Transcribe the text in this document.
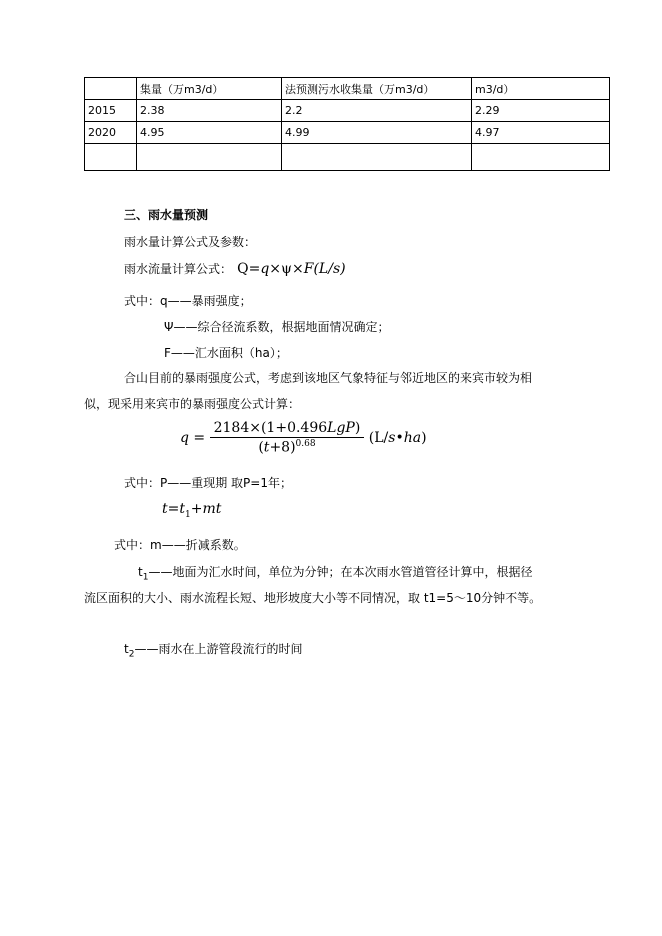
	集量（万m3/d）	法预测污水收集量（万m3/d）	m3/d）
2015	2.38	2.2	2.29
2020	4.95	4.99	4.97

三、雨水量预测
雨水量计算公式及参数：
雨水流量计算公式： Q=q×ψ×F(L/s)
式中：q——暴雨强度；
Ψ——综合径流系数，根据地面情况确定；
F——汇水面积（ha）；
合山目前的暴雨强度公式，考虑到该地区气象特征与邻近地区的来宾市较为相
似，现采用来宾市的暴雨强度公式计算：
$q = \frac{\text{2184×(1+0.496LgP)}}{(t+8)^{0.68}}$ (L/s•ha)
式中：P——重现期 取P=1年；
$t=t_1+mt$
式中：m——折减系数。
$t_1——$地面为汇水时间，单位为分钟；在本次雨水管道管径计算中，根据径
流区面积的大小、雨水流程长短、地形坡度大小等不同情况，取 t1=5～10分钟不等。
$t_2——$雨水在上游管段流行的时间
